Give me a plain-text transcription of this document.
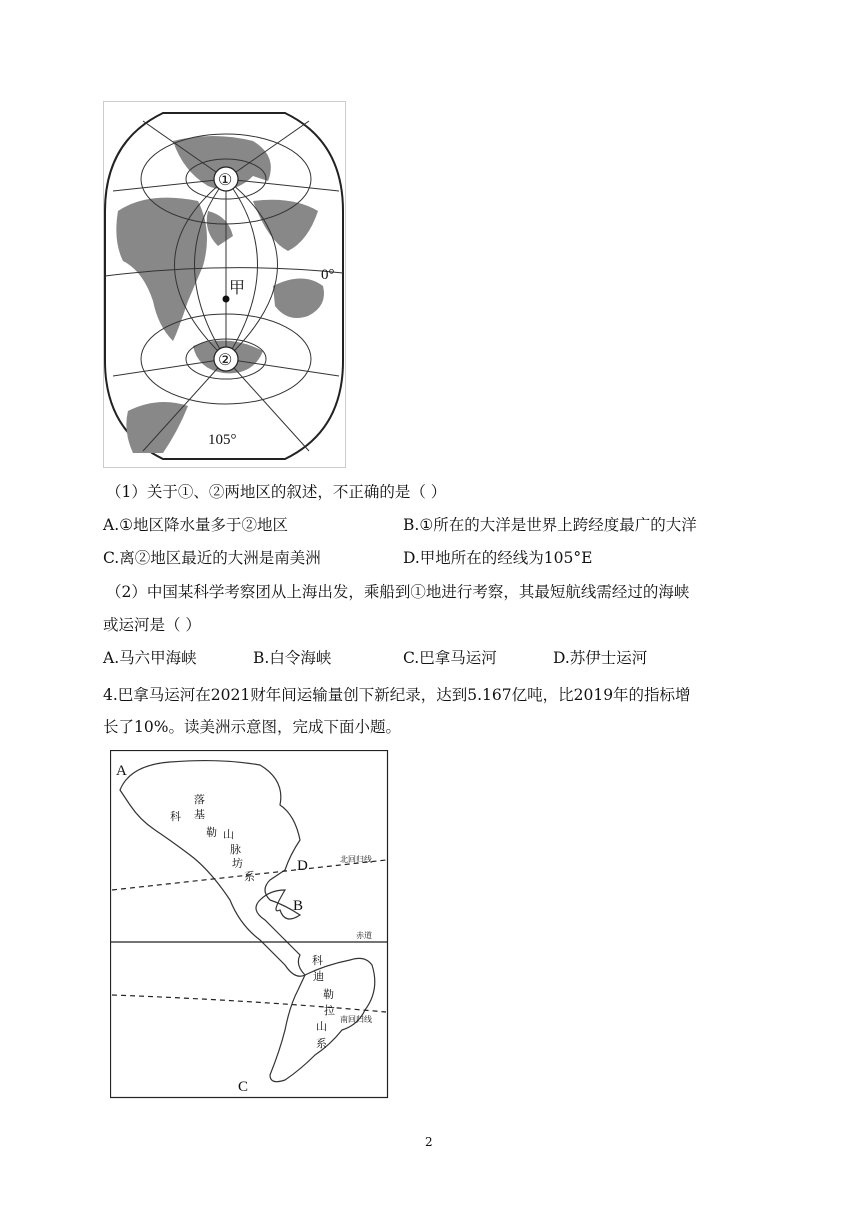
①
②
甲
0°
105°
（1）关于①、②两地区的叙述，不正确的是（ ）
A.①地区降水量多于②地区	B.①所在的大洋是世界上跨经度最广的大洋
C.离②地区最近的大洲是南美洲	D.甲地所在的经线为105°E
（2）中国某科学考察团从上海出发，乘船到①地进行考察，其最短航线需经过的海峡
或运河是（ ）
A.马六甲海峡	B.白令海峡	C.巴拿马运河	D.苏伊士运河
4.巴拿马运河在2021财年间运输量创下新纪录，达到5.167亿吨，比2019年的指标增
长了10%。读美洲示意图，完成下面小题。
A
B
C
D	北回归线
赤道
南回归线
科
落
基
勒 山
脉
坊
系
科
迪
勒
拉
山
系
2
